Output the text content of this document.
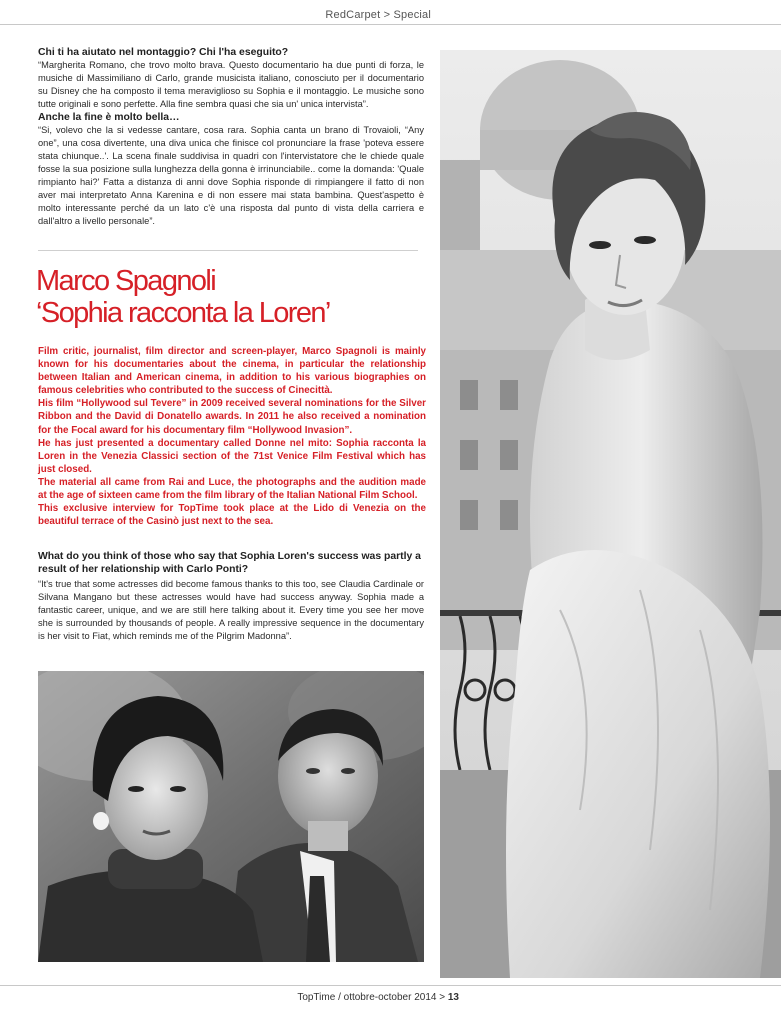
RedCarpet > Special

Chi ti ha aiutato nel montaggio? Chi l'ha eseguito?

“Margherita Romano, che trovo molto brava. Questo documentario ha due punti di forza, le musiche di Massimiliano di Carlo, grande musicista italiano, conosciuto per il documentario su Disney che ha composto il tema meraviglioso su Sophia e il montaggio. Le musiche sono tutte originali e sono perfette. Alla fine sembra quasi che sia un' unica intervista”.

Anche la fine è molto bella…

“Si, volevo che la si vedesse cantare, cosa rara. Sophia canta un brano di Trovaioli, “Any one”, una cosa divertente, una diva unica che finisce col pronunciare la frase 'poteva essere stata chiunque..'. La scena finale suddivisa in quadri con l'intervistatore che le chiede quale fosse la sua posizione sulla lunghezza della gonna è irrinunciabile.. come la domanda: 'Quale rimpianto hai?' Fatta a distanza di anni dove Sophia risponde di rimpiangere il fatto di non aver mai interpretato Anna Karenina e di non essere mai stata bambina. Quest'aspetto è molto interessante perché da un lato c'è una risposta dal punto di vista della carriera e dall'altro a livello personale”.

Marco Spagnoli
‘Sophia racconta la Loren’

Film critic, journalist, film director and screen-player, Marco Spagnoli is mainly known for his documentaries about the cinema, in particular the relationship between Italian and American cinema, in addition to his various biographies on famous celebrities who contributed to the success of Cinecittà.

His film “Hollywood sul Tevere” in 2009 received several nominations for the Silver Ribbon and the David di Donatello awards. In 2011 he also received a nomination for the Focal award for his documentary film “Hollywood Invasion”.

He has just presented a documentary called Donne nel mito: Sophia racconta la Loren in the Venezia Classici section of the 71st Venice Film Festival which has just closed.

The material all came from Rai and Luce, the photographs and the audition made at the age of sixteen came from the film library of the Italian National Film School.

This exclusive interview for TopTime took place at the Lido di Venezia on the beautiful terrace of the Casinò just next to the sea.

What do you think of those who say that Sophia Loren's success was partly a result of her relationship with Carlo Ponti?

“It's true that some actresses did become famous thanks to this too, see Claudia Cardinale or Silvana Mangano but these actresses would have had success anyway. Sophia made a fantastic career, unique, and we are still here talking about it. Every time you see her move she is surrounded by thousands of people. A really impressive sequence in the documentary is her visit to Fiat, which reminds me of the Pilgrim Madonna”.

TopTime / ottobre-october 2014 > 13
